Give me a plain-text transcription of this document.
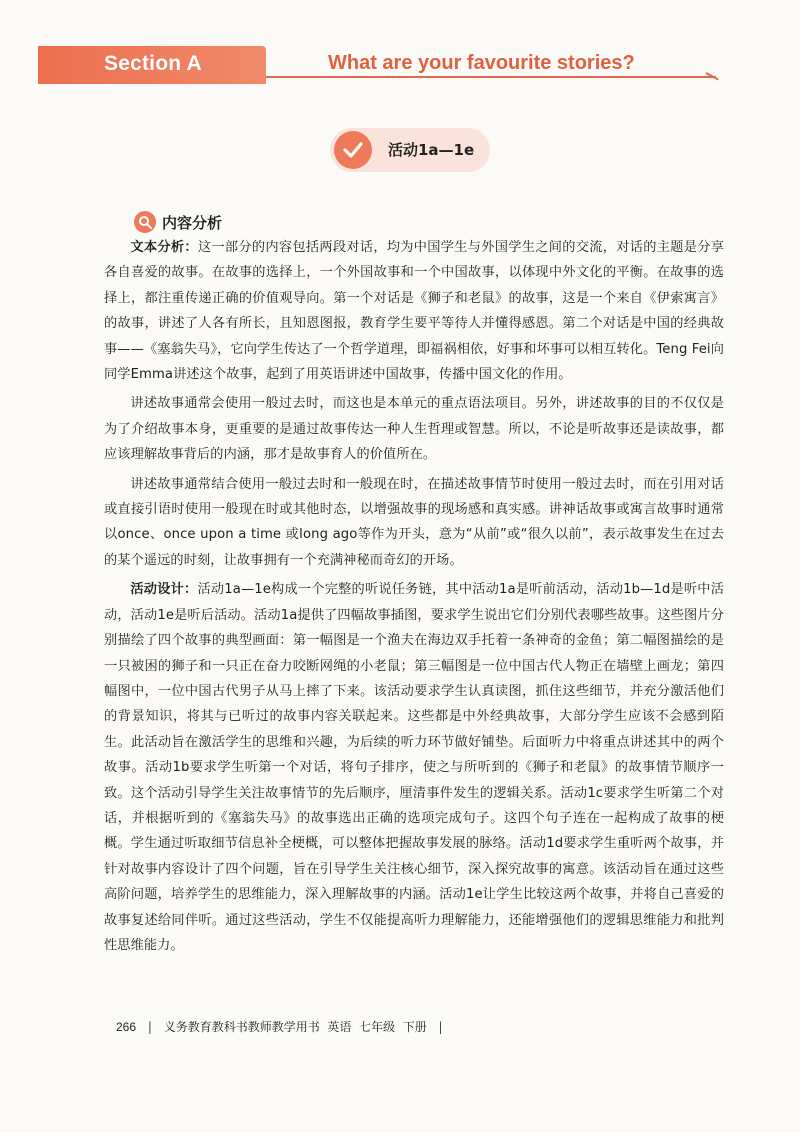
Section A	What are your favourite stories?
活动1a—1e
内容分析

文本分析：这一部分的内容包括两段对话，均为中国学生与外国学生之间的交流，对话的主题是分享各自喜爱的故事。在故事的选择上，一个外国故事和一个中国故事，以体现中外文化的平衡。在故事的选择上，都注重传递正确的价值观导向。第一个对话是《狮子和老鼠》的故事，这是一个来自《伊索寓言》的故事，讲述了人各有所长，且知恩图报，教育学生要平等待人并懂得感恩。第二个对话是中国的经典故事——《塞翁失马》，它向学生传达了一个哲学道理，即福祸相依，好事和坏事可以相互转化。Teng Fei向同学Emma讲述这个故事，起到了用英语讲述中国故事，传播中国文化的作用。

讲述故事通常会使用一般过去时，而这也是本单元的重点语法项目。另外，讲述故事的目的不仅仅是为了介绍故事本身，更重要的是通过故事传达一种人生哲理或智慧。所以，不论是听故事还是读故事，都应该理解故事背后的内涵，那才是故事育人的价值所在。

讲述故事通常结合使用一般过去时和一般现在时，在描述故事情节时使用一般过去时，而在引用对话或直接引语时使用一般现在时或其他时态，以增强故事的现场感和真实感。讲神话故事或寓言故事时通常以once、once upon a time 或long ago等作为开头，意为“从前”或“很久以前”，表示故事发生在过去的某个遥远的时刻，让故事拥有一个充满神秘而奇幻的开场。

活动设计：活动1a—1e构成一个完整的听说任务链，其中活动1a是听前活动，活动1b—1d是听中活动，活动1e是听后活动。活动1a提供了四幅故事插图，要求学生说出它们分别代表哪些故事。这些图片分别描绘了四个故事的典型画面：第一幅图是一个渔夫在海边双手托着一条神奇的金鱼；第二幅图描绘的是一只被困的狮子和一只正在奋力咬断网绳的小老鼠；第三幅图是一位中国古代人物正在墙壁上画龙；第四幅图中，一位中国古代男子从马上摔了下来。该活动要求学生认真读图，抓住这些细节，并充分激活他们的背景知识，将其与已听过的故事内容关联起来。这些都是中外经典故事，大部分学生应该不会感到陌生。此活动旨在激活学生的思维和兴趣，为后续的听力环节做好铺垫。后面听力中将重点讲述其中的两个故事。活动1b要求学生听第一个对话，将句子排序，使之与所听到的《狮子和老鼠》的故事情节顺序一致。这个活动引导学生关注故事情节的先后顺序，厘清事件发生的逻辑关系。活动1c要求学生听第二个对话，并根据听到的《塞翁失马》的故事选出正确的选项完成句子。这四个句子连在一起构成了故事的梗概。学生通过听取细节信息补全梗概，可以整体把握故事发展的脉络。活动1d要求学生重听两个故事，并针对故事内容设计了四个问题，旨在引导学生关注核心细节，深入探究故事的寓意。该活动旨在通过这些高阶问题，培养学生的思维能力，深入理解故事的内涵。活动1e让学生比较这两个故事，并将自己喜爱的故事复述给同伴听。通过这些活动，学生不仅能提高听力理解能力，还能增强他们的逻辑思维能力和批判性思维能力。

266 | 义务教育教科书教师教学用书 英语 七年级 下册 |
